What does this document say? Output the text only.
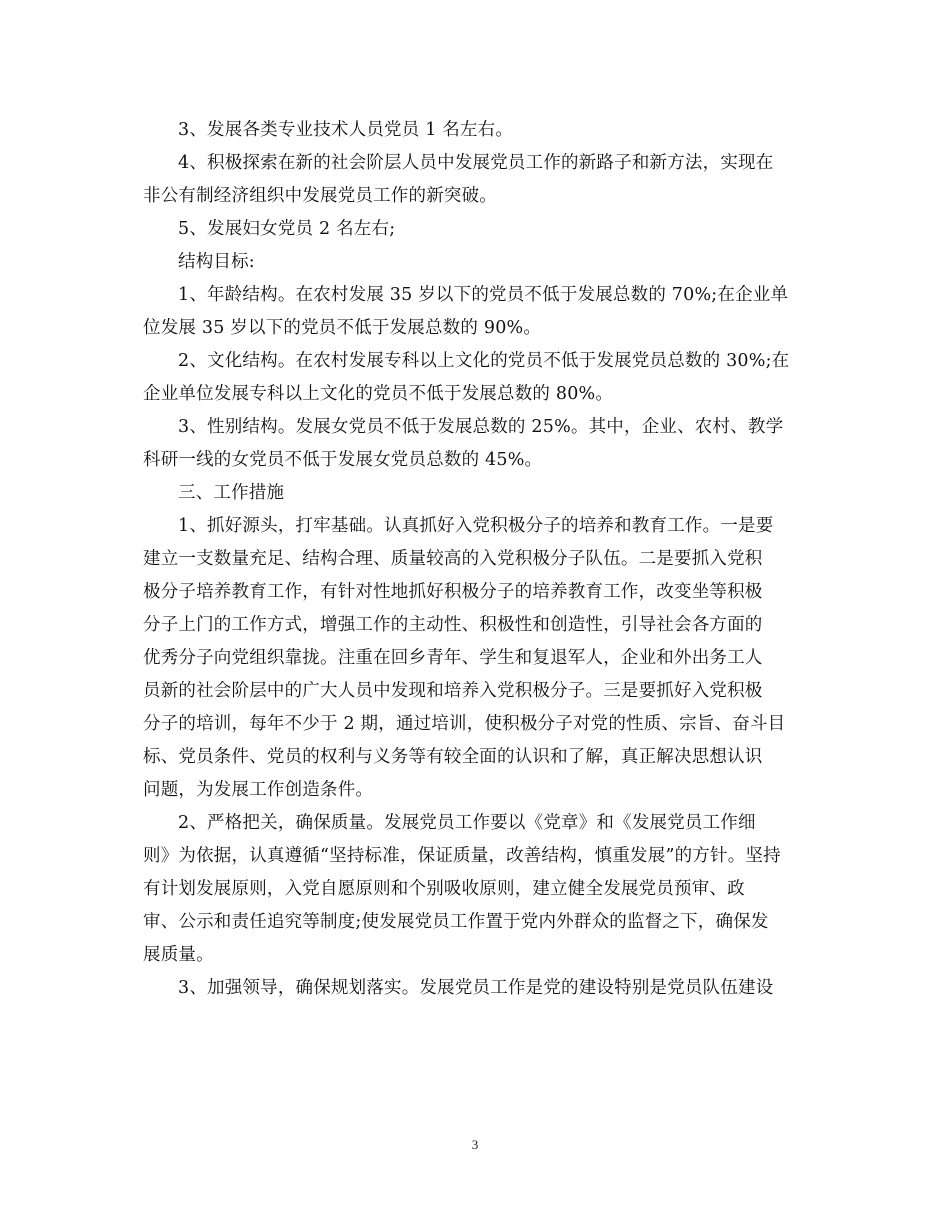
3、发展各类专业技术人员党员 1 名左右。

4、积极探索在新的社会阶层人员中发展党员工作的新路子和新方法，实现在
非公有制经济组织中发展党员工作的新突破。

5、发展妇女党员 2 名左右;

结构目标:

1、年龄结构。在农村发展 35 岁以下的党员不低于发展总数的 70%;在企业单
位发展 35 岁以下的党员不低于发展总数的 90%。

2、文化结构。在农村发展专科以上文化的党员不低于发展党员总数的 30%;在
企业单位发展专科以上文化的党员不低于发展总数的 80%。

3、性别结构。发展女党员不低于发展总数的 25%。其中，企业、农村、教学
科研一线的女党员不低于发展女党员总数的 45%。

三、工作措施

1、抓好源头，打牢基础。认真抓好入党积极分子的培养和教育工作。一是要
建立一支数量充足、结构合理、质量较高的入党积极分子队伍。二是要抓入党积
极分子培养教育工作，有针对性地抓好积极分子的培养教育工作，改变坐等积极
分子上门的工作方式，增强工作的主动性、积极性和创造性，引导社会各方面的
优秀分子向党组织靠拢。注重在回乡青年、学生和复退军人，企业和外出务工人
员新的社会阶层中的广大人员中发现和培养入党积极分子。三是要抓好入党积极
分子的培训，每年不少于 2 期，通过培训，使积极分子对党的性质、宗旨、奋斗目
标、党员条件、党员的权利与义务等有较全面的认识和了解，真正解决思想认识
问题，为发展工作创造条件。

2、严格把关，确保质量。发展党员工作要以《党章》和《发展党员工作细
则》为依据，认真遵循“坚持标准，保证质量，改善结构，慎重发展”的方针。坚持
有计划发展原则，入党自愿原则和个别吸收原则，建立健全发展党员预审、政
审、公示和责任追究等制度;使发展党员工作置于党内外群众的监督之下，确保发
展质量。

3、加强领导，确保规划落实。发展党员工作是党的建设特别是党员队伍建设

3
